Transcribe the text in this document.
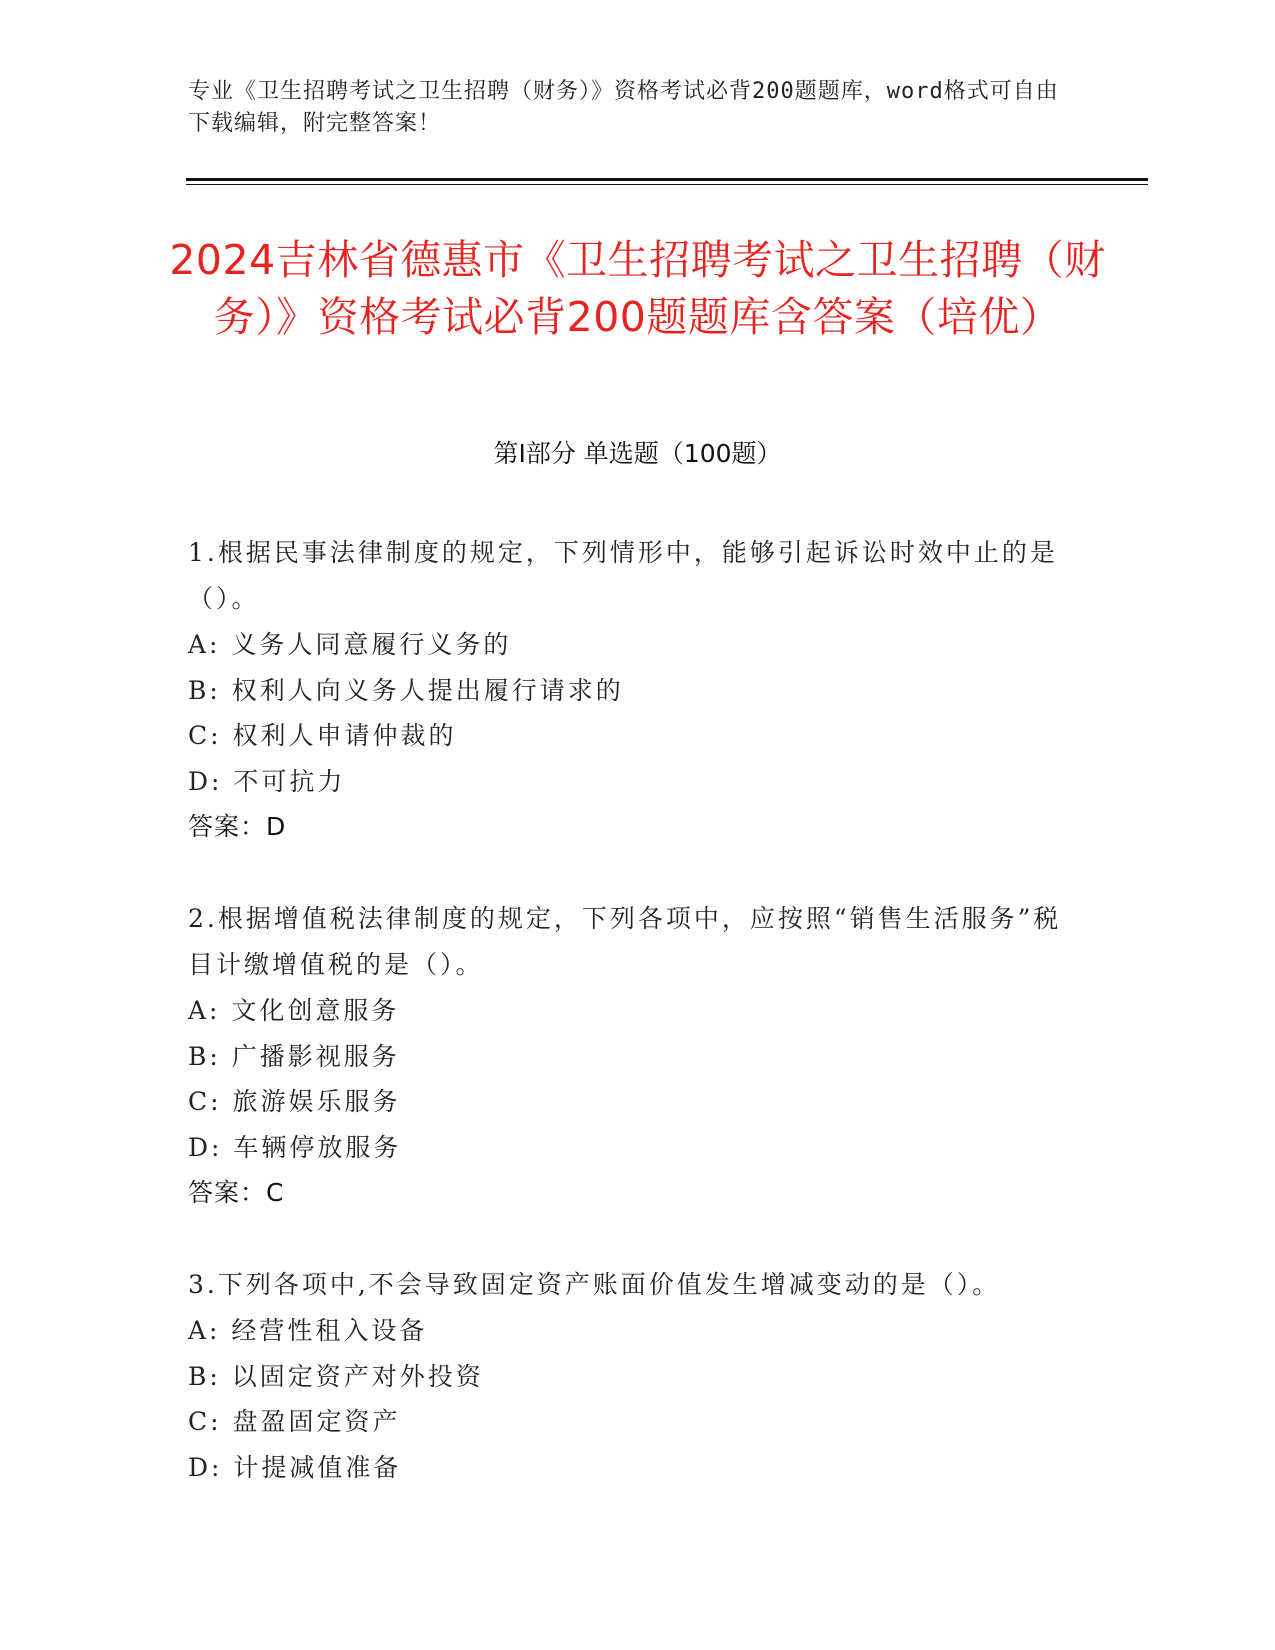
专业《卫生招聘考试之卫生招聘（财务）》资格考试必背200题题库，word格式可自由下载编辑，附完整答案！
2024吉林省德惠市《卫生招聘考试之卫生招聘（财务）》资格考试必背200题题库含答案（培优）
第Ⅰ部分 单选题（100题）
1.根据民事法律制度的规定，下列情形中，能够引起诉讼时效中止的是（）。
A: 义务人同意履行义务的
B: 权利人向义务人提出履行请求的
C: 权利人申请仲裁的
D: 不可抗力
答案：D
2.根据增值税法律制度的规定，下列各项中，应按照“销售生活服务”税目计缴增值税的是（）。
A: 文化创意服务
B: 广播影视服务
C: 旅游娱乐服务
D: 车辆停放服务
答案：C
3.下列各项中,不会导致固定资产账面价值发生增减变动的是（）。
A: 经营性租入设备
B: 以固定资产对外投资
C: 盘盈固定资产
D: 计提减值准备
